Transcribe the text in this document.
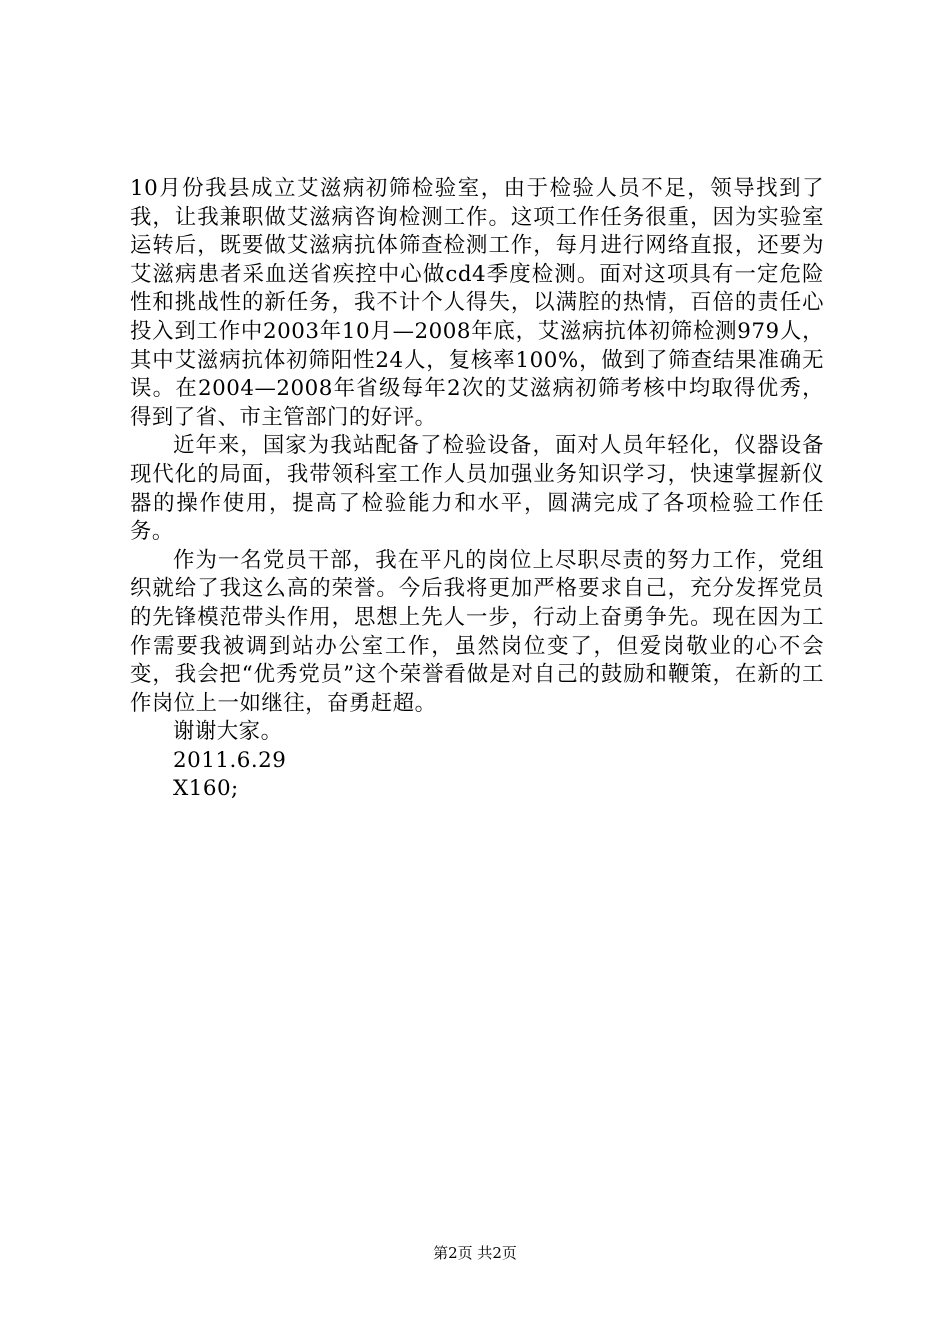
10月份我县成立艾滋病初筛检验室，由于检验人员不足，领导找到了我，让我兼职做艾滋病咨询检测工作。这项工作任务很重，因为实验室运转后，既要做艾滋病抗体筛查检测工作，每月进行网络直报，还要为艾滋病患者采血送省疾控中心做cd4季度检测。面对这项具有一定危险性和挑战性的新任务，我不计个人得失，以满腔的热情，百倍的责任心投入到工作中2003年10月—2008年底，艾滋病抗体初筛检测979人，其中艾滋病抗体初筛阳性24人，复核率100%，做到了筛查结果准确无误。在2004—2008年省级每年2次的艾滋病初筛考核中均取得优秀，得到了省、市主管部门的好评。

近年来，国家为我站配备了检验设备，面对人员年轻化，仪器设备现代化的局面，我带领科室工作人员加强业务知识学习，快速掌握新仪器的操作使用，提高了检验能力和水平，圆满完成了各项检验工作任务。

作为一名党员干部，我在平凡的岗位上尽职尽责的努力工作，党组织就给了我这么高的荣誉。今后我将更加严格要求自己，充分发挥党员的先锋模范带头作用，思想上先人一步，行动上奋勇争先。现在因为工作需要我被调到站办公室工作，虽然岗位变了，但爱岗敬业的心不会变，我会把“优秀党员”这个荣誉看做是对自己的鼓励和鞭策，在新的工作岗位上一如继往，奋勇赶超。

谢谢大家。

2011.6.29

X160;

第2页 共2页
